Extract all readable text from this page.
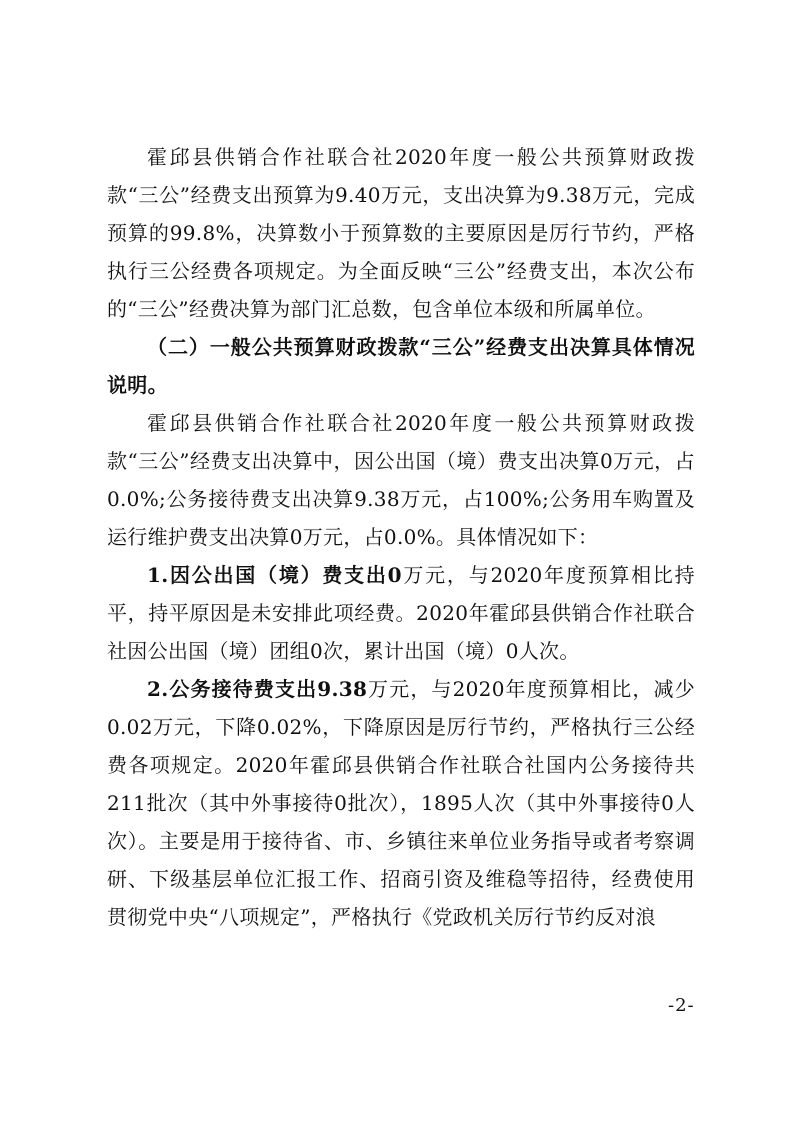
霍邱县供销合作社联合社2020年度一般公共预算财政拨款“三公”经费支出预算为9.40万元，支出决算为9.38万元，完成预算的99.8%，决算数小于预算数的主要原因是厉行节约，严格执行三公经费各项规定。为全面反映“三公”经费支出，本次公布的“三公”经费决算为部门汇总数，包含单位本级和所属单位。

（二）一般公共预算财政拨款“三公”经费支出决算具体情况说明。

霍邱县供销合作社联合社2020年度一般公共预算财政拨款“三公”经费支出决算中，因公出国（境）费支出决算0万元，占0.0%;公务接待费支出决算9.38万元，占100%;公务用车购置及运行维护费支出决算0万元，占0.0%。具体情况如下：

1.因公出国（境）费支出0万元，与2020年度预算相比持平，持平原因是未安排此项经费。2020年霍邱县供销合作社联合社因公出国（境）团组0次，累计出国（境）0人次。

2.公务接待费支出9.38万元，与2020年度预算相比，减少0.02万元，下降0.02%，下降原因是厉行节约，严格执行三公经费各项规定。2020年霍邱县供销合作社联合社国内公务接待共211批次（其中外事接待0批次），1895人次（其中外事接待0人次）。主要是用于接待省、市、乡镇往来单位业务指导或者考察调研、下级基层单位汇报工作、招商引资及维稳等招待，经费使用贯彻党中央“八项规定”，严格执行《党政机关厉行节约反对浪

-2-
